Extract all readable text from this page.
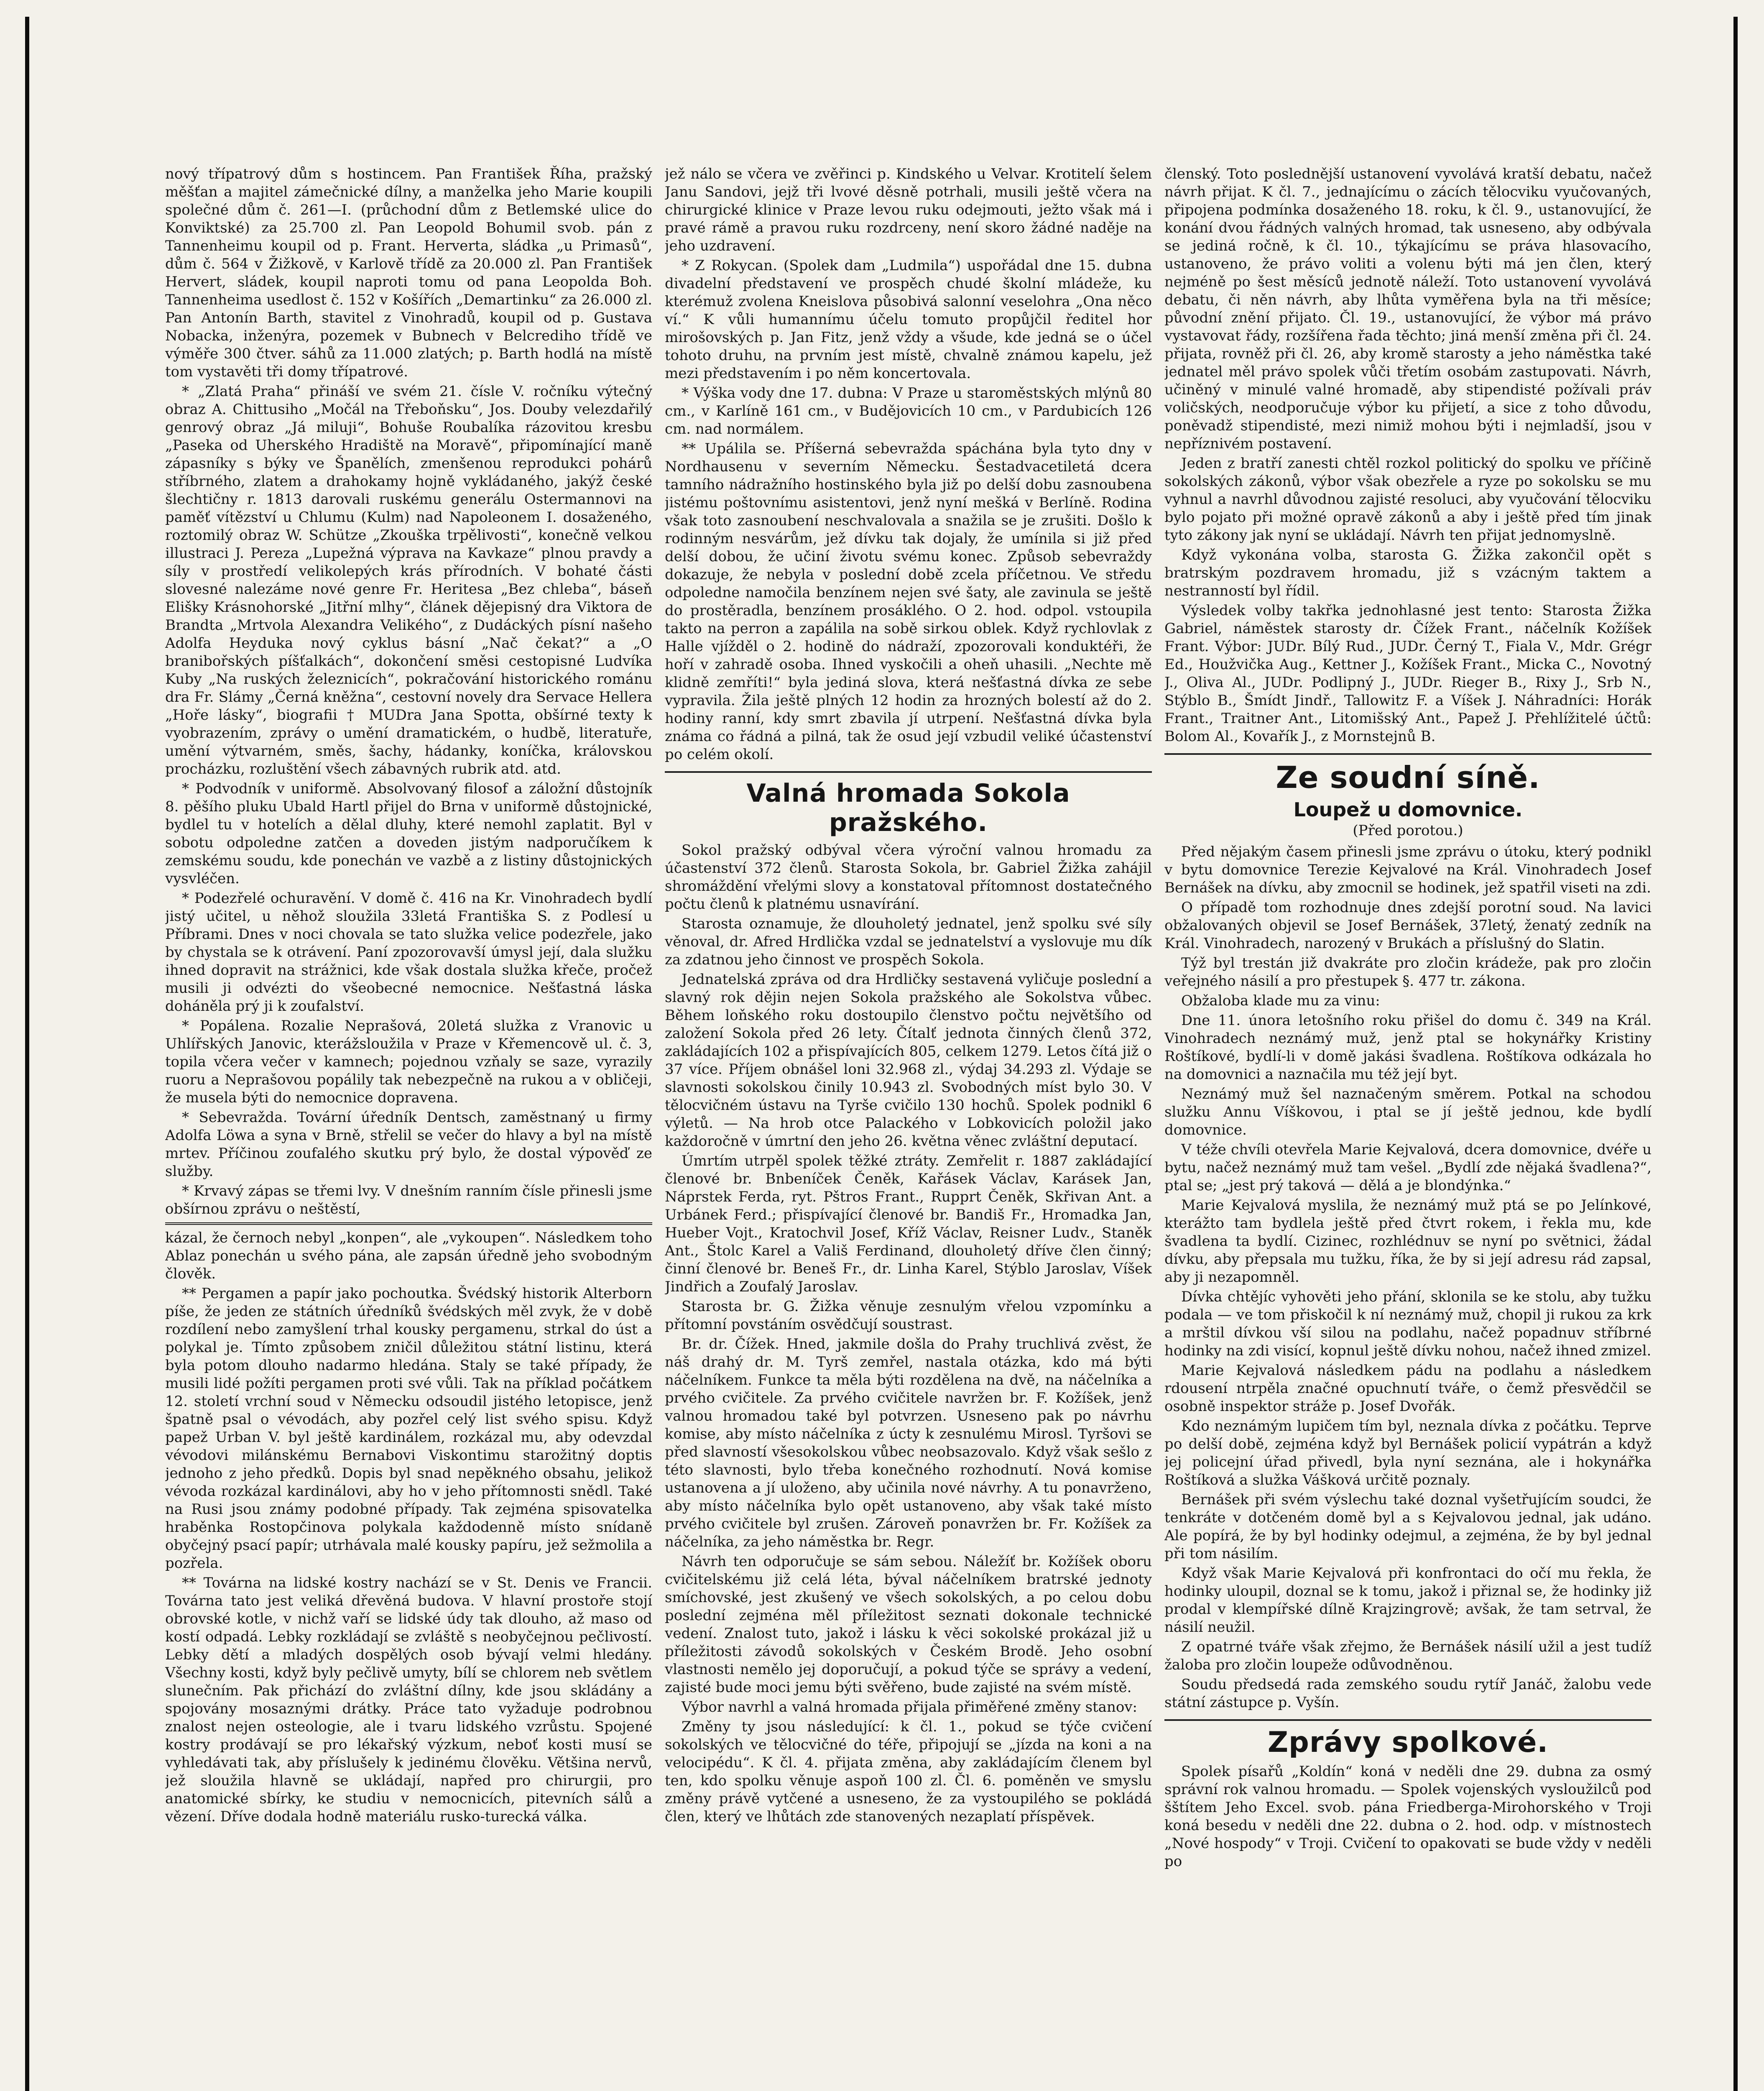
nový třípatrový dům s hostincem. Pan František Říha, pražský měšťan a majitel zámečnické dílny, a manželka jeho Marie koupili společné dům č. 261—I. (průchodní dům z Betlemské ulice do Konviktské) za 25.700 zl. Pan Leopold Bohumil svob. pán z Tannenheimu koupil od p. Frant. Herverta, sládka „u Primasů“, dům č. 564 v Žižkově, v Karlově třídě za 20.000 zl. Pan František Hervert, sládek, koupil naproti tomu od pana Leopolda Boh. Tannenheima usedlost č. 152 v Košířích „Demartinku“ za 26.000 zl. Pan Antonín Barth, stavitel z Vinohradů, koupil od p. Gustava Nobacka, inženýra, pozemek v Bubnech v Belcrediho třídě ve výměře 300 čtver. sáhů za 11.000 zlatých; p. Barth hodlá na místě tom vystavěti tři domy třípatrové.

* „Zlatá Praha“ přináší ve svém 21. čísle V. ročníku výtečný obraz A. Chittusiho „Močál na Třeboňsku“, Jos. Douby velezdařilý genrový obraz „Já miluji“, Bohuše Roubalíka rázovitou kresbu „Paseka od Uherského Hradiště na Moravě“, připomínající maně zápasníky s býky ve Španělích, zmenšenou reprodukci pohárů stříbrného, zlatem a drahokamy hojně vykládaného, jakýž české šlechtičny r. 1813 darovali ruskému generálu Ostermannovi na paměť vítězství u Chlumu (Kulm) nad Napoleonem I. dosaženého, roztomilý obraz W. Schütze „Zkouška trpělivosti“, konečně velkou illustraci J. Pereza „Lupežná výprava na Kavkaze“ plnou pravdy a síly v prostředí velikolepých krás přírodních. V bohaté části slovesné nalezáme nové genre Fr. Heritesa „Bez chleba“, báseň Elišky Krásnohorské „Jitřní mlhy“, článek dějepisný dra Viktora de Brandta „Mrtvola Alexandra Velikého“, z Dudáckých písní našeho Adolfa Heyduka nový cyklus básní „Nač čekat?“ a „O branibořských píšťalkách“, dokončení směsi cestopisné Ludvíka Kuby „Na ruských železnicích“, pokračování historického románu dra Fr. Slámy „Černá kněžna“, cestovní novely dra Servace Hellera „Hoře lásky“, biografii † MUDra Jana Spotta, obšírné texty k vyobrazením, zprávy o umění dramatickém, o hudbě, literatuře, umění výtvarném, směs, šachy, hádanky, koníčka, královskou procházku, rozluštění všech zábavných rubrik atd. atd.

* Podvodník v uniformě. Absolvovaný filosof a záložní důstojník 8. pěšího pluku Ubald Hartl přijel do Brna v uniformě důstojnické, bydlel tu v hotelích a dělal dluhy, které nemohl zaplatit. Byl v sobotu odpoledne zatčen a doveden jistým nadporučíkem k zemskému soudu, kde ponechán ve vazbě a z listiny důstojnických vysvléčen.

* Podezřelé ochuravění. V domě č. 416 na Kr. Vinohradech bydlí jistý učitel, u něhož sloužila 33letá Františka S. z Podlesí u Příbrami. Dnes v noci chovala se tato služka velice podezřele, jako by chystala se k otrávení. Paní zpozorovavší úmysl její, dala služku ihned dopravit na strážnici, kde však dostala služka křeče, pročež musili ji odvézti do všeobecné nemocnice. Nešťastná láska doháněla prý ji k zoufalství.

* Popálena. Rozalie Neprašová, 20letá služka z Vranovic u Uhlířských Janovic, kterážsloužila v Praze v Křemencově ul. č. 3, topila včera večer v kamnech; pojednou vzňaly se saze, vyrazily ruoru a Neprašovou popálily tak nebezpečně na rukou a v obličeji, že musela býti do nemocnice dopravena.

* Sebevražda. Tovární úředník Dentsch, zaměstnaný u firmy Adolfa Löwa a syna v Brně, střelil se večer do hlavy a byl na místě mrtev. Příčinou zoufalého skutku prý bylo, že dostal výpověď ze služby.

* Krvavý zápas se třemi lvy. V dnešním ranním čísle přinesli jsme obšírnou zprávu o neštěstí,

kázal, že černoch nebyl „konpen“, ale „vykoupen“. Následkem toho Ablaz ponechán u svého pána, ale zapsán úředně jeho svobodným člověk.

** Pergamen a papír jako pochoutka. Švédský historik Alterborn píše, že jeden ze státních úředníků švédských měl zvyk, že v době rozdílení nebo zamyšlení trhal kousky pergamenu, strkal do úst a polykal je. Tímto způsobem zničil důležitou státní listinu, která byla potom dlouho nadarmo hledána. Staly se také případy, že musili lidé požíti pergamen proti své vůli. Tak na příklad počátkem 12. století vrchní soud v Německu odsoudil jistého letopisce, jenž špatně psal o vévodách, aby pozřel celý list svého spisu. Když papež Urban V. byl ještě kardinálem, rozkázal mu, aby odevzdal vévodovi milánskému Bernabovi Viskontimu starožitný doptis jednoho z jeho předků. Dopis byl snad nepěkného obsahu, jelikož vévoda rozkázal kardinálovi, aby ho v jeho přítomnosti snědl. Také na Rusi jsou známy podobné případy. Tak zejména spisovatelka hraběnka Rostopčinova polykala každodenně místo snídaně obyčejný psací papír; utrhávala malé kousky papíru, jež sežmolila a pozřela.

** Továrna na lidské kostry nachází se v St. Denis ve Francii. Továrna tato jest veliká dřevěná budova. V hlavní prostoře stojí obrovské kotle, v nichž vaří se lidské údy tak dlouho, až maso od kostí odpadá. Lebky rozkládají se zvláště s neobyčejnou pečlivostí. Lebky dětí a mladých dospělých osob bývají velmi hledány. Všechny kosti, když byly pečlivě umyty, bílí se chlorem neb světlem slunečním. Pak přichází do zvláštní dílny, kde jsou skládány a spojovány mosaznými drátky. Práce tato vyžaduje podrobnou znalost nejen osteologie, ale i tvaru lidského vzrůstu. Spojené kostry prodávají se pro lékařský výzkum, neboť kosti musí se vyhledávati tak, aby příslušely k jedinému člověku. Většina nervů, jež sloužila hlavně se ukládají, napřed pro chirurgii, pro anatomické sbírky, ke studiu v nemocnicích, pitevních sálů a vězení. Dříve dodala hodně materiálu rusko-turecká válka.

jež nálo se včera ve zvěřinci p. Kindského u Velvar. Krotitelí šelem Janu Sandovi, jejž tři lvové děsně potrhali, musili ještě včera na chirurgické klinice v Praze levou ruku odejmouti, ježto však má i pravé rámě a pravou ruku rozdrceny, není skoro žádné naděje na jeho uzdravení.

* Z Rokycan. (Spolek dam „Ludmila“) uspořádal dne 15. dubna divadelní představení ve prospěch chudé školní mládeže, ku kterémuž zvolena Kneislova působivá salonní veselohra „Ona něco ví.“ K vůli humannímu účelu tomuto propůjčil ředitel hor mirošovských p. Jan Fitz, jenž vždy a všude, kde jedná se o účel tohoto druhu, na prvním jest místě, chvalně známou kapelu, jež mezi představením i po něm koncertovala.

* Výška vody dne 17. dubna: V Praze u staroměstských mlýnů 80 cm., v Karlíně 161 cm., v Budějovicích 10 cm., v Pardubicích 126 cm. nad normálem.

** Upálila se. Příšerná sebevražda spáchána byla tyto dny v Nordhausenu v severním Německu. Šestadvacetiletá dcera tamního nádražního hostinského byla již po delší dobu zasnoubena jistému poštovnímu asistentovi, jenž nyní mešká v Berlíně. Rodina však toto zasnoubení neschvalovala a snažila se je zrušiti. Došlo k rodinným nesvárům, jež dívku tak dojaly, že umínila si již před delší dobou, že učiní životu svému konec. Způsob sebevraždy dokazuje, že nebyla v poslední době zcela příčetnou. Ve středu odpoledne namočila benzínem nejen své šaty, ale zavinula se ještě do prostěradla, benzínem prosáklého. O 2. hod. odpol. vstoupila takto na perron a zapálila na sobě sirkou oblek. Když rychlovlak z Halle vjížděl o 2. hodině do nádraží, zpozorovali konduktéři, že hoří v zahradě osoba. Ihned vyskočili a oheň uhasili. „Nechte mě klidně zemříti!“ byla jediná slova, která nešťastná dívka ze sebe vypravila. Žila ještě plných 12 hodin za hrozných bolestí až do 2. hodiny ranní, kdy smrt zbavila jí utrpení. Nešťastná dívka byla známa co řádná a pilná, tak že osud její vzbudil veliké účastenství po celém okolí.

Valná hromada Sokola pražského.

Sokol pražský odbýval včera výroční valnou hromadu za účastenství 372 členů. Starosta Sokola, br. Gabriel Žižka zahájil shromáždění vřelými slovy a konstatoval přítomnost dostatečného počtu členů k platnému usnavírání.

Starosta oznamuje, že dlouholetý jednatel, jenž spolku své síly věnoval, dr. Afred Hrdlička vzdal se jednatelství a vyslovuje mu dík za zdatnou jeho činnost ve prospěch Sokola.

Jednatelská zpráva od dra Hrdličky sestavená vyličuje poslední a slavný rok dějin nejen Sokola pražského ale Sokolstva vůbec. Během loňského roku dostoupilo členstvo počtu největšího od založení Sokola před 26 lety. Čítalť jednota činných členů 372, zakládajících 102 a přispívajících 805, celkem 1279. Letos čítá již o 37 více. Příjem obnášel loni 32.968 zl., výdaj 34.293 zl. Výdaje se slavnosti sokolskou činily 10.943 zl. Svobodných míst bylo 30. V tělocvičném ústavu na Tyrše cvičilo 130 hochů. Spolek podnikl 6 výletů. — Na hrob otce Palackého v Lobkovicích položil jako každoročně v úmrtní den jeho 26. května věnec zvláštní deputací.

Úmrtím utrpěl spolek těžké ztráty. Zemřelit r. 1887 zakládající členové br. Bnbeníček Čeněk, Kařásek Václav, Karásek Jan, Náprstek Ferda, ryt. Pštros Frant., Rupprt Čeněk, Skřivan Ant. a Urbánek Ferd.; přispívající členové br. Bandiš Fr., Hromadka Jan, Hueber Vojt., Kratochvil Josef, Kříž Václav, Reisner Ludv., Staněk Ant., Štolc Karel a Vališ Ferdinand, dlouholetý dříve člen činný; činní členové br. Beneš Fr., dr. Linha Karel, Stýblo Jaroslav, Víšek Jindřich a Zoufalý Jaroslav.

Starosta br. G. Žižka věnuje zesnulým vřelou vzpomínku a přítomní povstáním osvědčují soustrast.

Br. dr. Čížek. Hned, jakmile došla do Prahy truchlivá zvěst, že náš drahý dr. M. Tyrš zemřel, nastala otázka, kdo má býti náčelníkem. Funkce ta měla býti rozdělena na dvě, na náčelníka a prvého cvičitele. Za prvého cvičitele navržen br. F. Kožíšek, jenž valnou hromadou také byl potvrzen. Usneseno pak po návrhu komise, aby místo náčelníka z úcty k zesnulému Mirosl. Tyršovi se před slavností všesokolskou vůbec neobsazovalo. Když však sešlo z této slavnosti, bylo třeba konečného rozhodnutí. Nová komise ustanovena a jí uloženo, aby učinila nové návrhy. A tu ponavrženo, aby místo náčelníka bylo opět ustanoveno, aby však také místo prvého cvičitele byl zrušen. Zároveň ponavržen br. Fr. Kožíšek za náčelníka, za jeho náměstka br. Regr.

Návrh ten odporučuje se sám sebou. Náležíť br. Kožíšek oboru cvičitelskému již celá léta, býval náčelníkem bratrské jednoty smíchovské, jest zkušený ve všech sokolských, a po celou dobu poslední zejména měl příležitost seznati dokonale technické vedení. Znalost tuto, jakož i lásku k věci sokolské prokázal již u příležitosti závodů sokolských v Českém Brodě. Jeho osobní vlastnosti nemělo jej doporučují, a pokud týče se správy a vedení, zajisté bude moci jemu býti svěřeno, bude zajisté na svém místě.

Výbor navrhl a valná hromada přijala přiměřené změny stanov:

Změny ty jsou následující: k čl. 1., pokud se týče cvičení sokolských ve tělocvičné do téře, připojují se „jízda na koni a na velocipédu“. K čl. 4. přijata změna, aby zakládajícím členem byl ten, kdo spolku věnuje aspoň 100 zl. Čl. 6. poměněn ve smyslu změny právě vytčené a usneseno, že za vystoupilého se pokládá člen, který ve lhůtách zde stanovených nezaplatí příspěvek.

členský. Toto poslednější ustanovení vyvolává kratší debatu, načež návrh přijat. K čl. 7., jednajícímu o zácích tělocviku vyučovaných, připojena podmínka dosaženého 18. roku, k čl. 9., ustanovující, že konání dvou řádných valných hromad, tak usneseno, aby odbývala se jediná ročně, k čl. 10., týkajícímu se práva hlasovacího, ustanoveno, že právo voliti a volenu býti má jen člen, který nejméně po šest měsíců jednotě náleží. Toto ustanovení vyvolává debatu, či něn návrh, aby lhůta vyměřena byla na tři měsíce; původní znění přijato. Čl. 19., ustanovující, že výbor má právo vystavovat řády, rozšířena řada těchto; jiná menší změna při čl. 24. přijata, rovněž při čl. 26, aby kromě starosty a jeho náměstka také jednatel měl právo spolek vůči třetím osobám zastupovati. Návrh, učiněný v minulé valné hromadě, aby stipendisté požívali práv voličských, neodporučuje výbor ku přijetí, a sice z toho důvodu, poněvadž stipendisté, mezi nimiž mohou býti i nejmladší, jsou v nepříznivém postavení.

Jeden z bratří zanesti chtěl rozkol politický do spolku ve příčině sokolských zákonů, výbor však obezřele a ryze po sokolsku se mu vyhnul a navrhl důvodnou zajisté resoluci, aby vyučování tělocviku bylo pojato při možné opravě zákonů a aby i ještě před tím jinak tyto zákony jak nyní se ukládají. Návrh ten přijat jednomyslně.

Když vykonána volba, starosta G. Žižka zakončil opět s bratrským pozdravem hromadu, již s vzácným taktem a nestranností byl řídil.

Výsledek volby takřka jednohlasné jest tento: Starosta Žižka Gabriel, náměstek starosty dr. Čížek Frant., náčelník Kožíšek Frant. Výbor: JUDr. Bílý Rud., JUDr. Černý T., Fiala V., Mdr. Grégr Ed., Houžvička Aug., Kettner J., Kožíšek Frant., Micka C., Novotný J., Oliva Al., JUDr. Podlipný J., JUDr. Rieger B., Rixy J., Srb N., Stýblo B., Šmídt Jindř., Tallowitz F. a Víšek J. Náhradníci: Horák Frant., Traitner Ant., Litomišský Ant., Papež J. Přehlížitelé účtů: Bolom Al., Kovařík J., z Mornstejnů B.

Ze soudní síně.
Loupež u domovnice.
(Před porotou.)

Před nějakým časem přinesli jsme zprávu o útoku, který podnikl v bytu domovnice Terezie Kejvalové na Král. Vinohradech Josef Bernášek na dívku, aby zmocnil se hodinek, jež spatřil viseti na zdi.

O případě tom rozhodnuje dnes zdejší porotní soud. Na lavici obžalovaných objevil se Josef Bernášek, 37letý, ženatý zedník na Král. Vinohradech, narozený v Brukách a příslušný do Slatin.

Týž byl trestán již dvakráte pro zločin krádeže, pak pro zločin veřejného násilí a pro přestupek §. 477 tr. zákona.

Obžaloba klade mu za vinu:

Dne 11. února letošního roku přišel do domu č. 349 na Král. Vinohradech neznámý muž, jenž ptal se hokynářky Kristiny Roštíkové, bydlí-li v domě jakási švadlena. Roštíkova odkázala ho na domovnici a naznačila mu též její byt.

Neznámý muž šel naznačeným směrem. Potkal na schodou služku Annu Víškovou, i ptal se jí ještě jednou, kde bydlí domovnice.

V téže chvíli otevřela Marie Kejvalová, dcera domovnice, dvéře u bytu, načež neznámý muž tam vešel. „Bydlí zde nějaká švadlena?“, ptal se; „jest prý taková — dělá a je blondýnka.“

Marie Kejvalová myslila, že neznámý muž ptá se po Jelínkové, kterážto tam bydlela ještě před čtvrt rokem, i řekla mu, kde švadlena ta bydlí. Cizinec, rozhlédnuv se nyní po světnici, žádal dívku, aby přepsala mu tužku, říka, že by si její adresu rád zapsal, aby ji nezapomněl.

Dívka chtějíc vyhověti jeho přání, sklonila se ke stolu, aby tužku podala — ve tom přiskočil k ní neznámý muž, chopil ji rukou za krk a mrštil dívkou vší silou na podlahu, načež popadnuv stříbrné hodinky na zdi visící, kopnul ještě dívku nohou, načež ihned zmizel.

Marie Kejvalová následkem pádu na podlahu a následkem rdousení ntrpěla značné opuchnutí tváře, o čemž přesvědčil se osobně inspektor stráže p. Josef Dvořák.

Kdo neznámým lupičem tím byl, neznala dívka z počátku. Teprve po delší době, zejména když byl Bernášek policií vypátrán a když jej policejní úřad přivedl, byla nyní seznána, ale i hokynářka Roštíková a služka Vášková určitě poznaly.

Bernášek při svém výslechu také doznal vyšetřujícím soudci, že tenkráte v dotčeném domě byl a s Kejvalovou jednal, jak udáno. Ale popírá, že by byl hodinky odejmul, a zejména, že by byl jednal při tom násilím.

Když však Marie Kejvalová při konfrontaci do očí mu řekla, že hodinky uloupil, doznal se k tomu, jakož i přiznal se, že hodinky již prodal v klempířské dílně Krajzingrově; avšak, že tam setrval, že násilí neužil.

Z opatrné tváře však zřejmo, že Bernášek násilí užil a jest tudíž žaloba pro zločin loupeže odůvodněnou.

Soudu předsedá rada zemského soudu rytíř Janáč, žalobu vede státní zástupce p. Vyšín.

Zprávy spolkové.

Spolek písařů „Koldín“ koná v neděli dne 29. dubna za osmý správní rok valnou hromadu. — Spolek vojenských vysloužilců pod šštítem Jeho Excel. svob. pána Friedberga-Mirohorského v Troji koná besedu v neděli dne 22. dubna o 2. hod. odp. v místnostech „Nové hospody“ v Troji. Cvičení to opakovati se bude vždy v neděli po
